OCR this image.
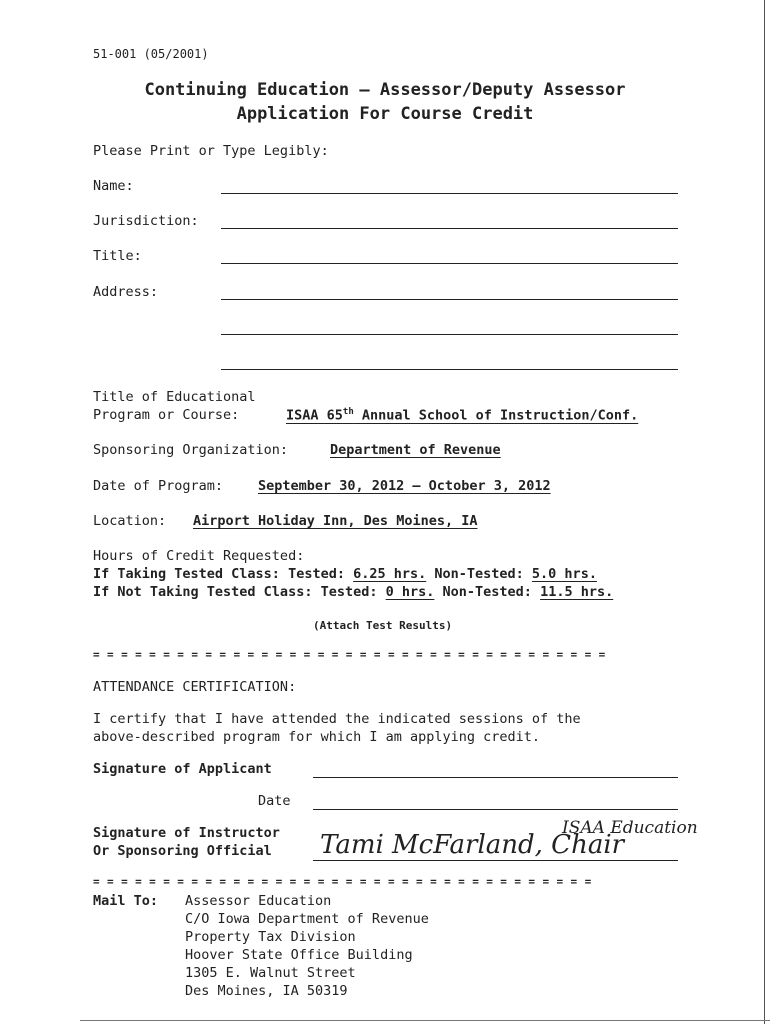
51-001 (05/2001)
Continuing Education – Assessor/Deputy Assessor
Application For Course Credit
Please Print or Type Legibly:
Name:
Jurisdiction:
Title:
Address:
Title of Educational
Program or Course:	ISAA 65th Annual School of Instruction/Conf.
Sponsoring Organization:	Department of Revenue
Date of Program:	September 30, 2012 – October 3, 2012
Location: Airport Holiday Inn, Des Moines, IA
Hours of Credit Requested:
If Taking Tested Class: Tested: 6.25 hrs. Non-Tested: 5.0 hrs.
If Not Taking Tested Class: Tested: 0 hrs. Non-Tested: 11.5 hrs.
(Attach Test Results)
= = = = = = = = = = = = = = = = = = = = = = = = = = = = = = = = = = = = =
ATTENDANCE CERTIFICATION:
I certify that I have attended the indicated sessions of the
above-described program for which I am applying credit.
Signature of Applicant
Date
Signature of Instructor
Or Sponsoring Official Tami McFarland, Chair
ISAA Education
= = = = = = = = = = = = = = = = = = = = = = = = = = = = = = = = = = = =
Mail To: Assessor Education
C/O Iowa Department of Revenue
Property Tax Division
Hoover State Office Building
1305 E. Walnut Street
Des Moines, IA 50319
